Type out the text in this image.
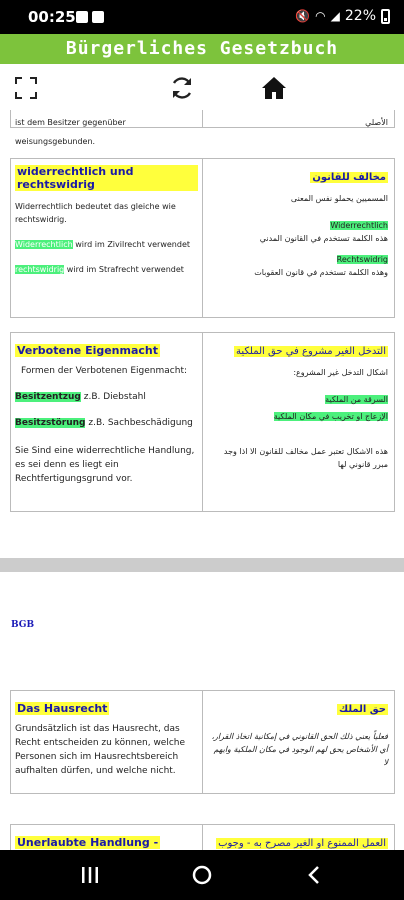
00:25	🔇 ◠ ◢ 22%
Bürgerliches Gesetzbuch
ist dem Besitzer gegenüber weisungsgebunden.
الأصلي
widerrechtlich und rechtswidrig
Widerrechtlich bedeutet das gleiche wie rechtswidrig.
Widerrechtlich wird im Zivilrecht verwendet
rechtswidrig wird im Strafrecht verwendet
مخالف للقانون
المسميين يحملو نفس المعنى
Widerrechtlich
هذه الكلمة تستخدم في القانون المدني
Rechtswidrig
وهذه الكلمة تستخدم في قانون العقوبات
Verbotene Eigenmacht
Formen der Verbotenen Eigenmacht:
Besitzentzug z.B. Diebstahl
Besitzstörung z.B. Sachbeschädigung
Sie Sind eine widerrechtliche Handlung, es sei denn es liegt ein Rechtfertigungsgrund vor.
التدخل الغير مشروع في حق الملكية
اشكال التدخل غير المشروع:
السرقة من الملكية
الإزعاج او تخريب في مكان الملكية
هذه الاشكال تعتبر عمل مخالف للقانون الا اذا وجد مبرر قانوني لها
BGB
Das Hausrecht
Grundsätzlich ist das Hausrecht, das Recht entscheiden zu können, welche Personen sich im Hausrechtsbereich aufhalten dürfen, und welche nicht.
حق الملك
فعلياً يعني ذلك الحق القانوني في إمكانية اتخاذ القرار، أي الأشخاص يحق لهم الوجود في مكان الملكية وايهم لا
Unerlaubte Handlung -	العمل الممنوع او الغير مصرح به - وجوب
